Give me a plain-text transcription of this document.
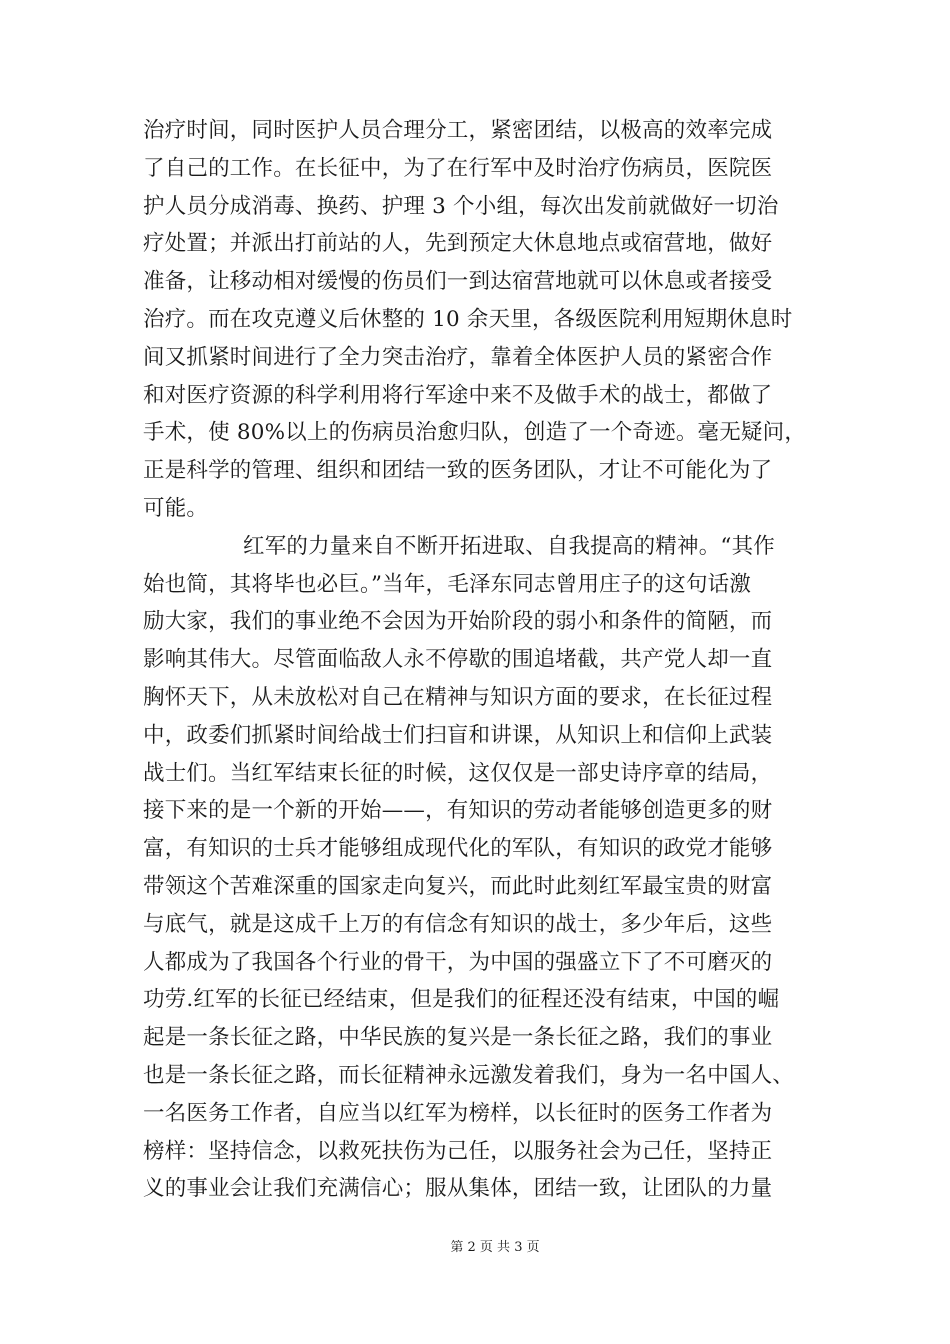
治疗时间，同时医护人员合理分工，紧密团结，以极高的效率完成
了自己的工作。在长征中，为了在行军中及时治疗伤病员，医院医
护人员分成消毒、换药、护理 3 个小组，每次出发前就做好一切治
疗处置；并派出打前站的人，先到预定大休息地点或宿营地，做好
准备，让移动相对缓慢的伤员们一到达宿营地就可以休息或者接受
治疗。而在攻克遵义后休整的 10 余天里，各级医院利用短期休息时
间又抓紧时间进行了全力突击治疗，靠着全体医护人员的紧密合作
和对医疗资源的科学利用将行军途中来不及做手术的战士，都做了
手术，使 80%以上的伤病员治愈归队，创造了一个奇迹。毫无疑问，
正是科学的管理、组织和团结一致的医务团队，才让不可能化为了
可能。
红军的力量来自不断开拓进取、自我提高的精神。“其作
始也简，其将毕也必巨。”当年，毛泽东同志曾用庄子的这句话激
励大家，我们的事业绝不会因为开始阶段的弱小和条件的简陋，而
影响其伟大。尽管面临敌人永不停歇的围追堵截，共产党人却一直
胸怀天下，从未放松对自己在精神与知识方面的要求，在长征过程
中，政委们抓紧时间给战士们扫盲和讲课，从知识上和信仰上武装
战士们。当红军结束长征的时候，这仅仅是一部史诗序章的结局，
接下来的是一个新的开始——，有知识的劳动者能够创造更多的财
富，有知识的士兵才能够组成现代化的军队，有知识的政党才能够
带领这个苦难深重的国家走向复兴，而此时此刻红军最宝贵的财富
与底气，就是这成千上万的有信念有知识的战士，多少年后，这些
人都成为了我国各个行业的骨干，为中国的强盛立下了不可磨灭的
功劳.红军的长征已经结束，但是我们的征程还没有结束，中国的崛
起是一条长征之路，中华民族的复兴是一条长征之路，我们的事业
也是一条长征之路，而长征精神永远激发着我们，身为一名中国人、
一名医务工作者，自应当以红军为榜样，以长征时的医务工作者为
榜样：坚持信念，以救死扶伤为己任，以服务社会为己任，坚持正
义的事业会让我们充满信心；服从集体，团结一致，让团队的力量
第 2 页 共 3 页
